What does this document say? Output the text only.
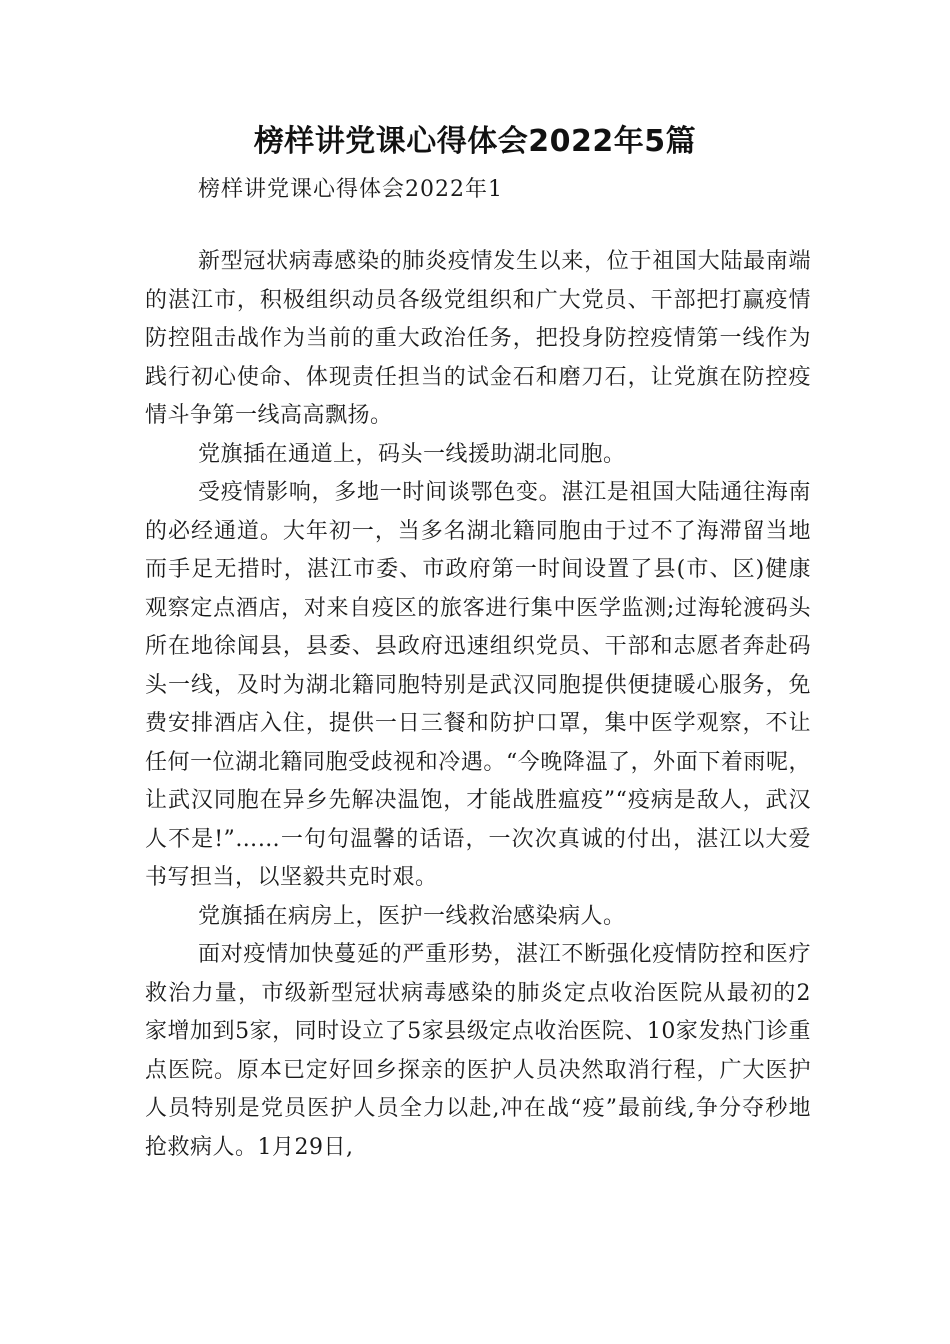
榜样讲党课心得体会2022年5篇

榜样讲党课心得体会2022年1

新型冠状病毒感染的肺炎疫情发生以来，位于祖国大陆最南端的湛江市，积极组织动员各级党组织和广大党员、干部把打赢疫情防控阻击战作为当前的重大政治任务，把投身防控疫情第一线作为践行初心使命、体现责任担当的试金石和磨刀石，让党旗在防控疫情斗争第一线高高飘扬。

党旗插在通道上，码头一线援助湖北同胞。

受疫情影响，多地一时间谈鄂色变。湛江是祖国大陆通往海南的必经通道。大年初一，当多名湖北籍同胞由于过不了海滞留当地而手足无措时，湛江市委、市政府第一时间设置了县(市、区)健康观察定点酒店，对来自疫区的旅客进行集中医学监测;过海轮渡码头所在地徐闻县，县委、县政府迅速组织党员、干部和志愿者奔赴码头一线，及时为湖北籍同胞特别是武汉同胞提供便捷暖心服务，免费安排酒店入住，提供一日三餐和防护口罩，集中医学观察，不让任何一位湖北籍同胞受歧视和冷遇。“今晚降温了，外面下着雨呢，让武汉同胞在异乡先解决温饱，才能战胜瘟疫”“疫病是敌人，武汉人不是!”……一句句温馨的话语，一次次真诚的付出，湛江以大爱书写担当，以坚毅共克时艰。

党旗插在病房上，医护一线救治感染病人。

面对疫情加快蔓延的严重形势，湛江不断强化疫情防控和医疗救治力量，市级新型冠状病毒感染的肺炎定点收治医院从最初的2家增加到5家，同时设立了5家县级定点收治医院、10家发热门诊重点医院。原本已定好回乡探亲的医护人员决然取消行程，广大医护人员特别是党员医护人员全力以赴,冲在战“疫”最前线,争分夺秒地抢救病人。1月29日,
